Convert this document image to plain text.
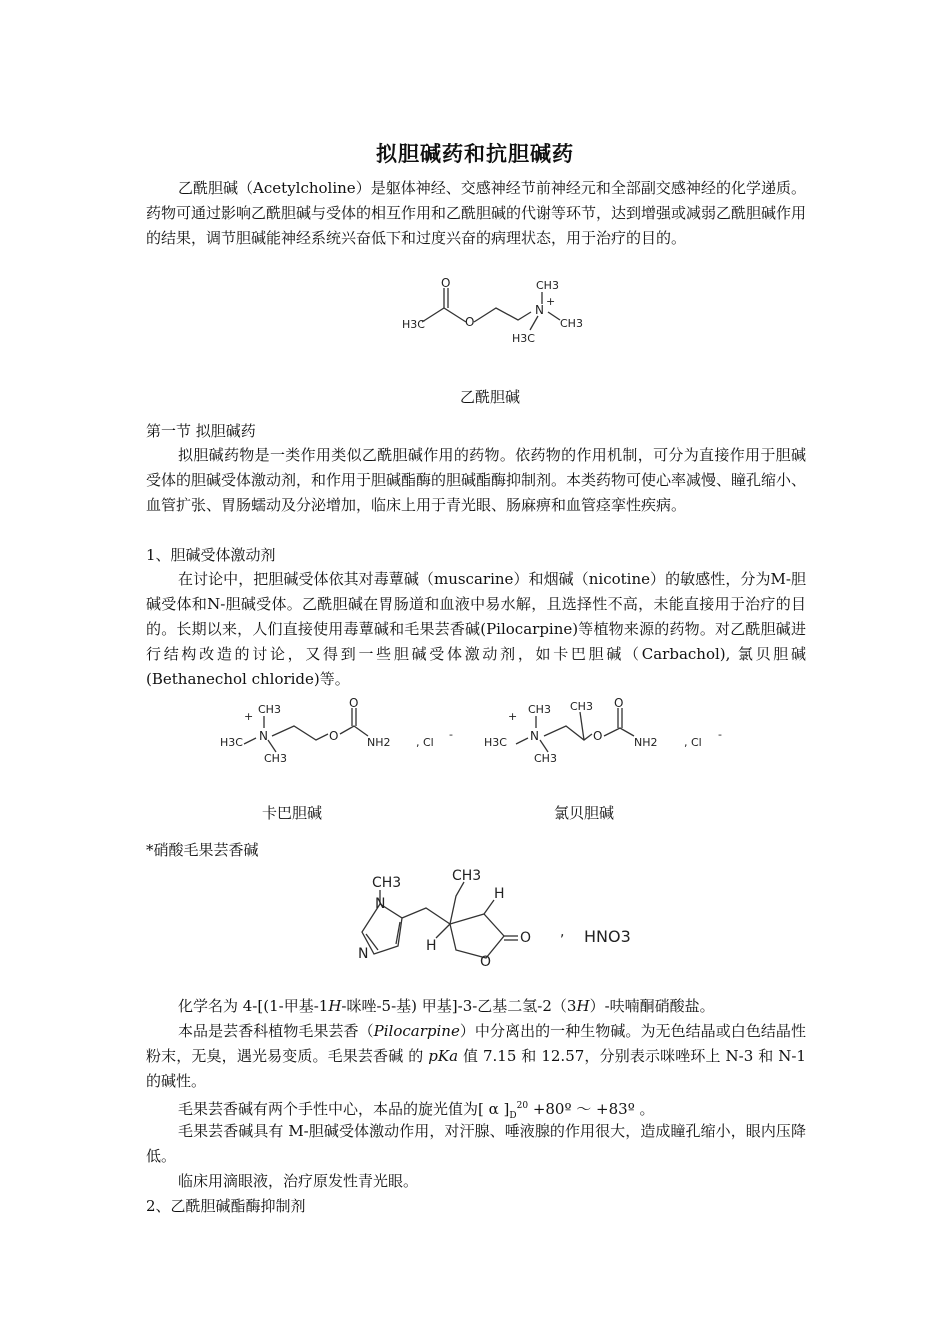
拟胆碱药和抗胆碱药

乙酰胆碱（Acetylcholine）是躯体神经、交感神经节前神经元和全部副交感神经的化学递质。药物可通过影响乙酰胆碱与受体的相互作用和乙酰胆碱的代谢等环节，达到增强或减弱乙酰胆碱作用的结果，调节胆碱能神经系统兴奋低下和过度兴奋的病理状态，用于治疗的目的。

O
O
H3C
N
+
CH3
CH3
H3C
乙酰胆碱
第一节 拟胆碱药

拟胆碱药物是一类作用类似乙酰胆碱作用的药物。依药物的作用机制，可分为直接作用于胆碱受体的胆碱受体激动剂，和作用于胆碱酯酶的胆碱酯酶抑制剂。本类药物可使心率减慢、瞳孔缩小、血管扩张、胃肠蠕动及分泌增加，临床上用于青光眼、肠麻痹和血管痉挛性疾病。

1、胆碱受体激动剂

在讨论中，把胆碱受体依其对毒蕈碱（muscarine）和烟碱（nicotine）的敏感性，分为M-胆碱受体和N-胆碱受体。乙酰胆碱在胃肠道和血液中易水解，且选择性不高，未能直接用于治疗的目的。长期以来，人们直接使用毒蕈碱和毛果芸香碱(Pilocarpine)等植物来源的药物。对乙酰胆碱进行结构改造的讨论，又得到一些胆碱受体激动剂，如卡巴胆碱（Carbachol), 氯贝胆碱(Bethanechol chloride)等。

+
CH3
H3C N
CH3
O
O	NH2 , Cl
-
+
CH3 CH3
H3C N
CH3
O
O	NH2 , Cl
-
卡巴胆碱	氯贝胆碱
*硝酸毛果芸香碱
CH3
N
N
CH3
H
H	O
O
, HNO3
化学名为 4-[(1-甲基-1H-咪唑-5-基) 甲基]-3-乙基二氢-2（3H）-呋喃酮硝酸盐。

本品是芸香科植物毛果芸香（Pilocarpine）中分离出的一种生物碱。为无色结晶或白色结晶性粉末，无臭，遇光易变质。毛果芸香碱 的 pKa 值 7.15 和 12.57，分别表示咪唑环上 N-3 和 N-1 的碱性。

毛果芸香碱有两个手性中心，本品的旋光值为[ α ]$_D^{20}$ +80º ～ +83º 。

毛果芸香碱具有 M-胆碱受体激动作用，对汗腺、唾液腺的作用很大，造成瞳孔缩小，眼内压降低。

临床用滴眼液，治疗原发性青光眼。
2、乙酰胆碱酯酶抑制剂
